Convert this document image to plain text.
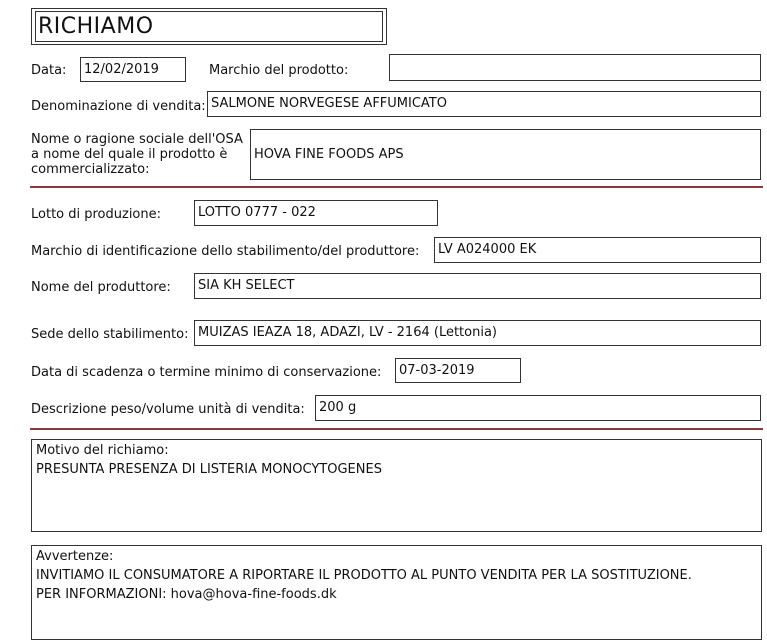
RICHIAMO
Data:	12/02/2019	Marchio del prodotto:
Denominazione di vendita: SALMONE NORVEGESE AFFUMICATO
Nome o ragione sociale dell'OSA
a nome del quale il prodotto è
commercializzato:
HOVA FINE FOODS APS
Lotto di produzione:	LOTTO 0777 - 022
Marchio di identificazione dello stabilimento/del produttore:	LV A024000 EK
Nome del produttore:	SIA KH SELECT
Sede dello stabilimento: MUIZAS IEAZA 18, ADAZI, LV - 2164 (Lettonia)
Data di scadenza o termine minimo di conservazione:	07-03-2019
Descrizione peso/volume unità di vendita:	200 g
Motivo del richiamo:
PRESUNTA PRESENZA DI LISTERIA MONOCYTOGENES
Avvertenze:
INVITIAMO IL CONSUMATORE A RIPORTARE IL PRODOTTO AL PUNTO VENDITA PER LA SOSTITUZIONE.
PER INFORMAZIONI: hova@hova-fine-foods.dk
